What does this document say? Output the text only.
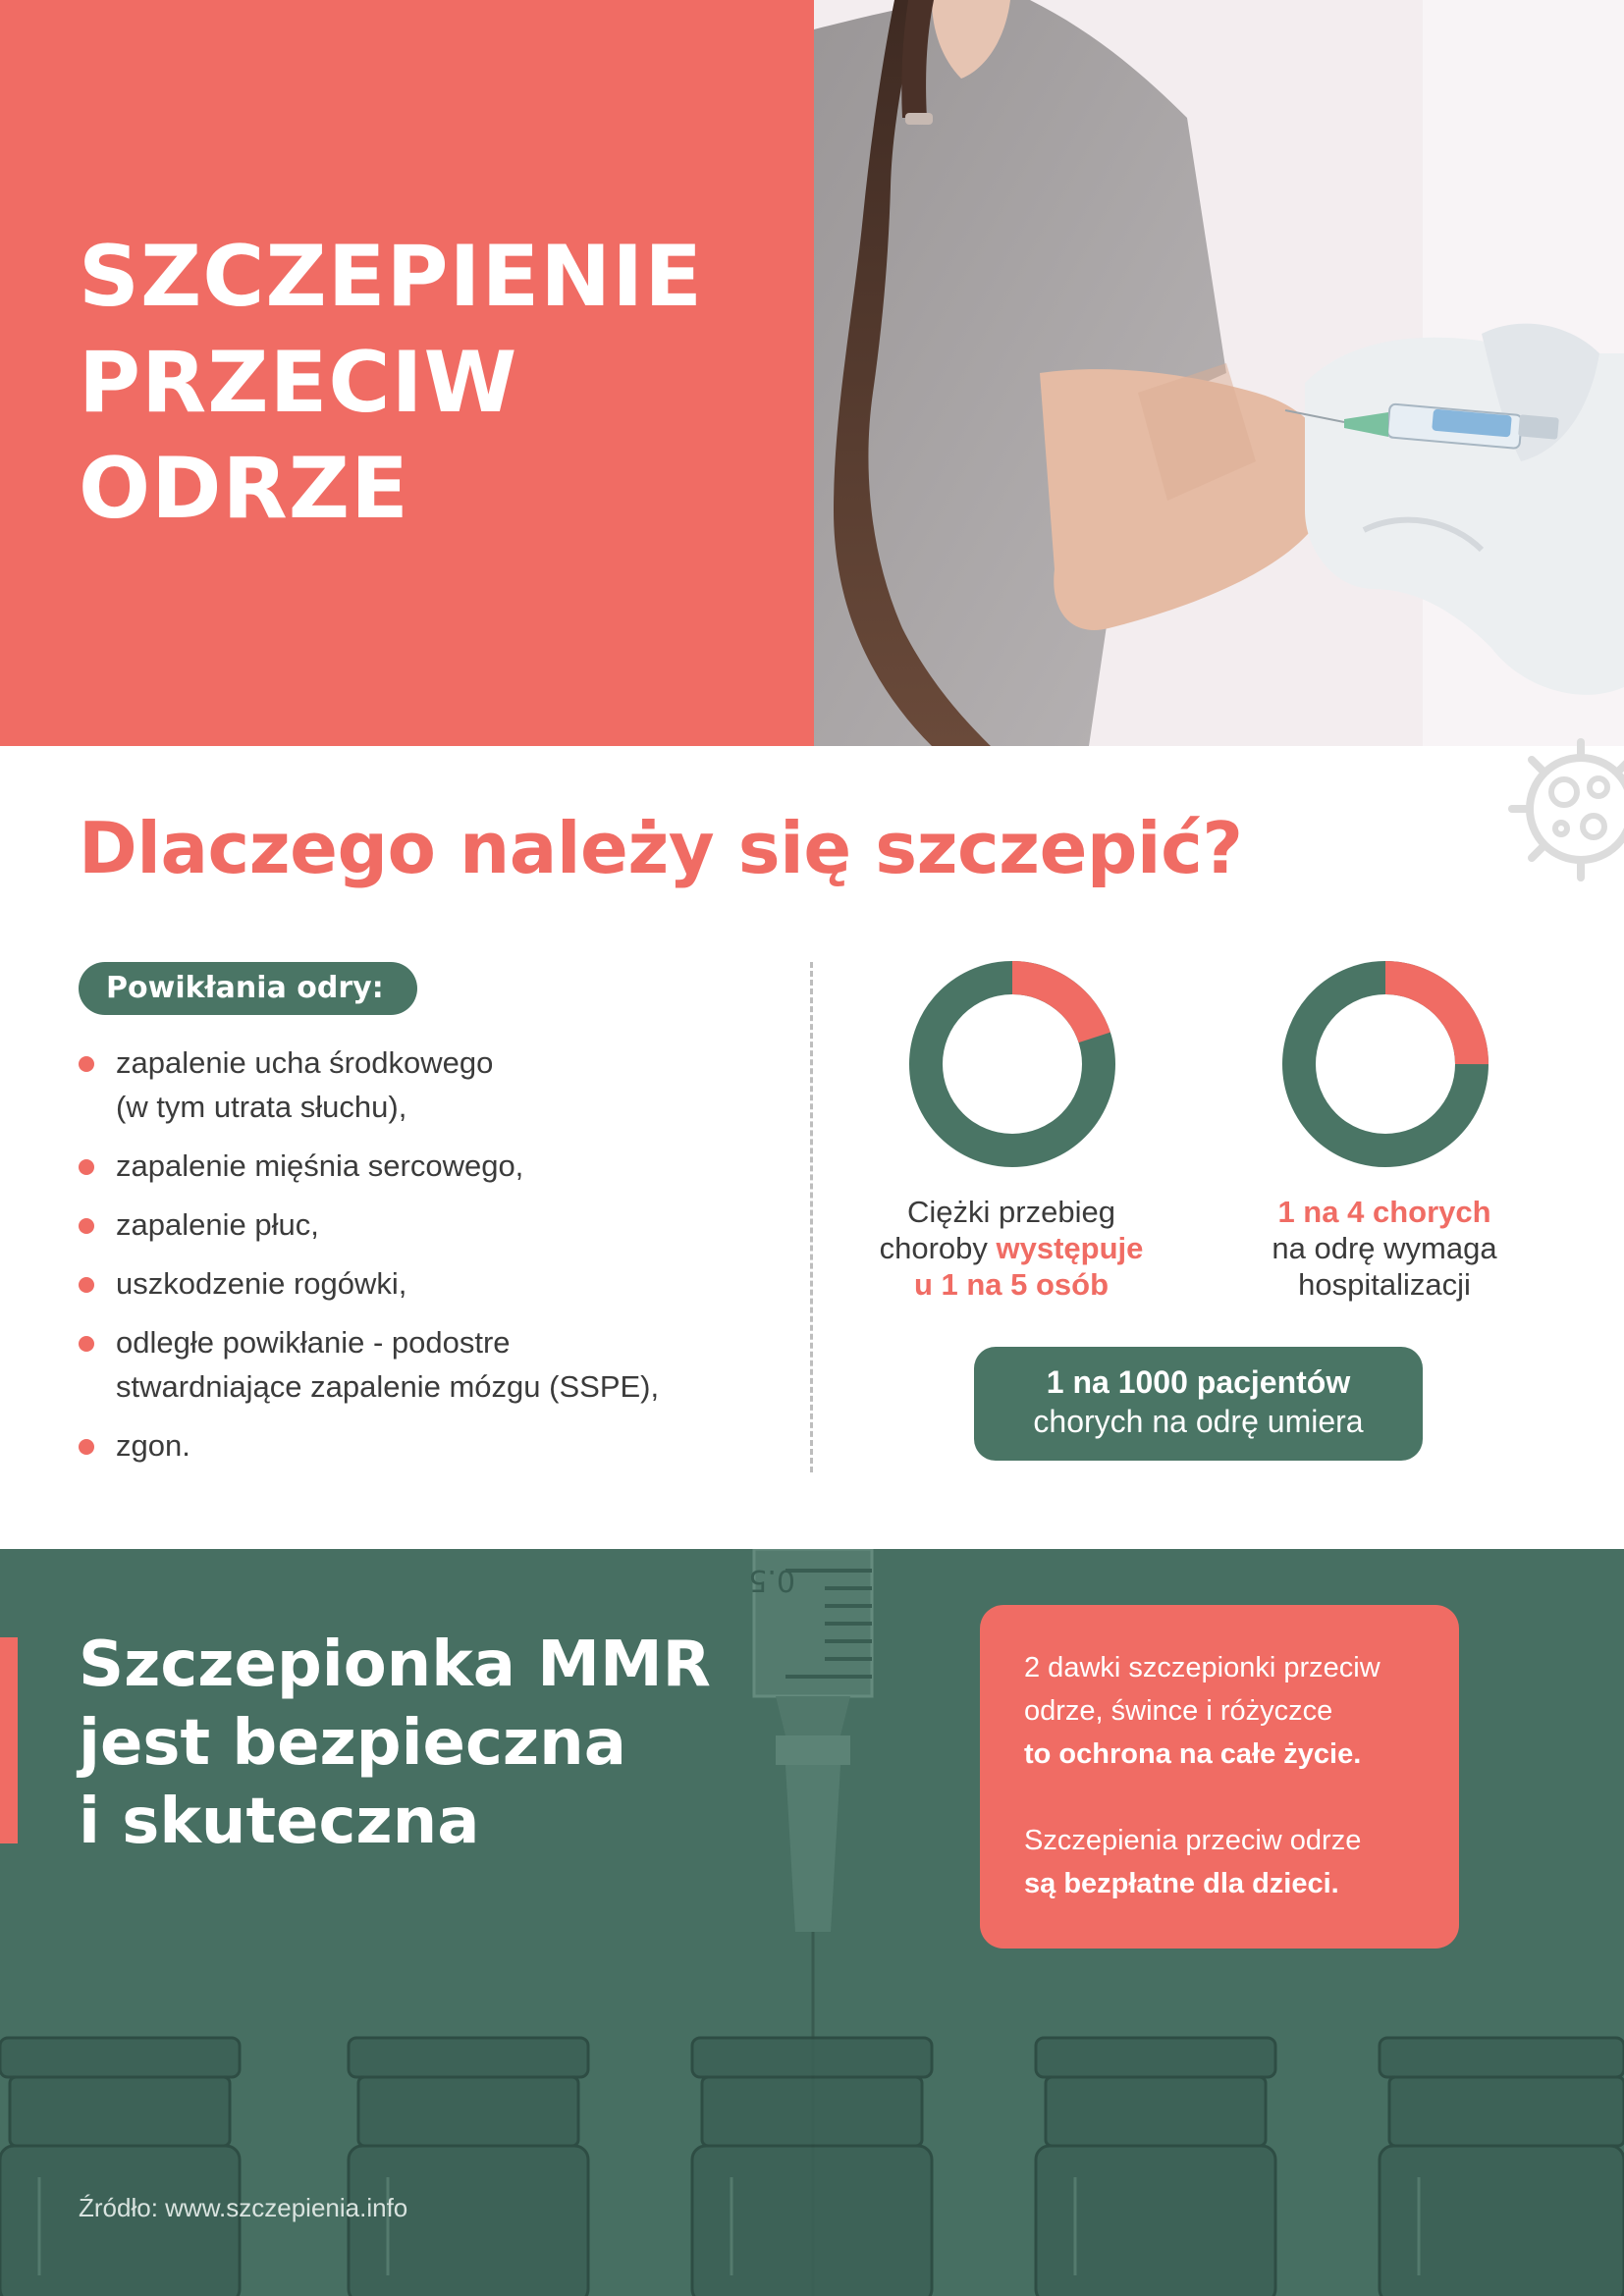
SZCZEPIENIE
PRZECIW
ODRZE
Dlaczego należy się szczepić?
Powikłania odry:
zapalenie ucha środkowego
(w tym utrata słuchu),
zapalenie mięśnia sercowego,
zapalenie płuc,
uszkodzenie rogówki,
odległe powikłanie - podostre
stwardniające zapalenie mózgu (SSPE),
zgon.
Ciężki przebieg
choroby występuje
u 1 na 5 osób
1 na 4 chorych
na odrę wymaga
hospitalizacji
1 na 1000 pacjentów
chorych na odrę umiera
0.5
Szczepionka MMR
jest bezpieczna
i skuteczna

2 dawki szczepionki przeciw odrze, śwince i różyczce
to ochrona na całe życie.

Szczepienia przeciw odrze
są bezpłatne dla dzieci.

Źródło: www.szczepienia.info
